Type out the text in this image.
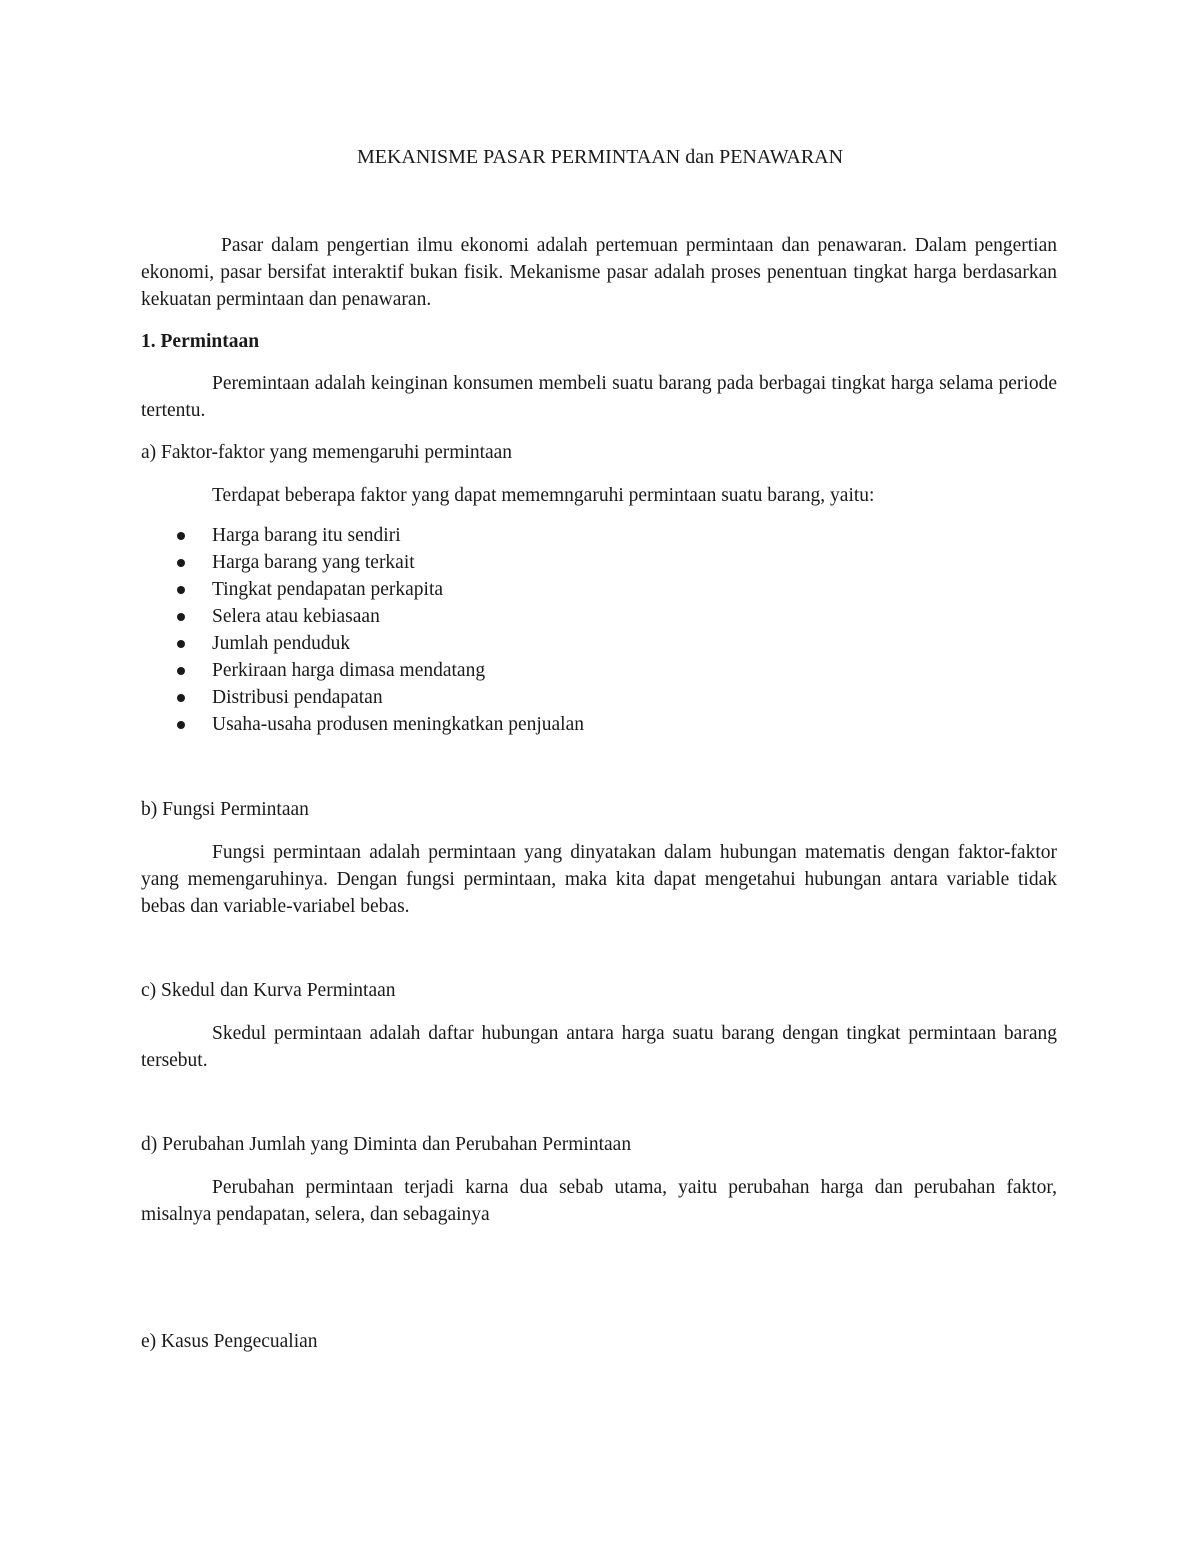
MEKANISME PASAR PERMINTAAN dan PENAWARAN

Pasar dalam pengertian ilmu ekonomi adalah pertemuan permintaan dan penawaran. Dalam pengertian ekonomi, pasar bersifat interaktif bukan fisik. Mekanisme pasar adalah proses penentuan tingkat harga berdasarkan kekuatan permintaan dan penawaran.

1. Permintaan

Peremintaan adalah keinginan konsumen membeli suatu barang pada berbagai tingkat harga selama periode tertentu.

a) Faktor-faktor yang memengaruhi permintaan

Terdapat beberapa faktor yang dapat mememngaruhi permintaan suatu barang, yaitu:

Harga barang itu sendiri
Harga barang yang terkait
Tingkat pendapatan perkapita
Selera atau kebiasaan
Jumlah penduduk
Perkiraan harga dimasa mendatang
Distribusi pendapatan
Usaha-usaha produsen meningkatkan penjualan

b) Fungsi Permintaan

Fungsi permintaan adalah permintaan yang dinyatakan dalam hubungan matematis dengan faktor-faktor yang memengaruhinya. Dengan fungsi permintaan, maka kita dapat mengetahui hubungan antara variable tidak bebas dan variable-variabel bebas.

c) Skedul dan Kurva Permintaan

Skedul permintaan adalah daftar hubungan antara harga suatu barang dengan tingkat permintaan barang tersebut.

d) Perubahan Jumlah yang Diminta dan Perubahan Permintaan

Perubahan permintaan terjadi karna dua sebab utama, yaitu perubahan harga dan perubahan faktor, misalnya pendapatan, selera, dan sebagainya

e) Kasus Pengecualian
